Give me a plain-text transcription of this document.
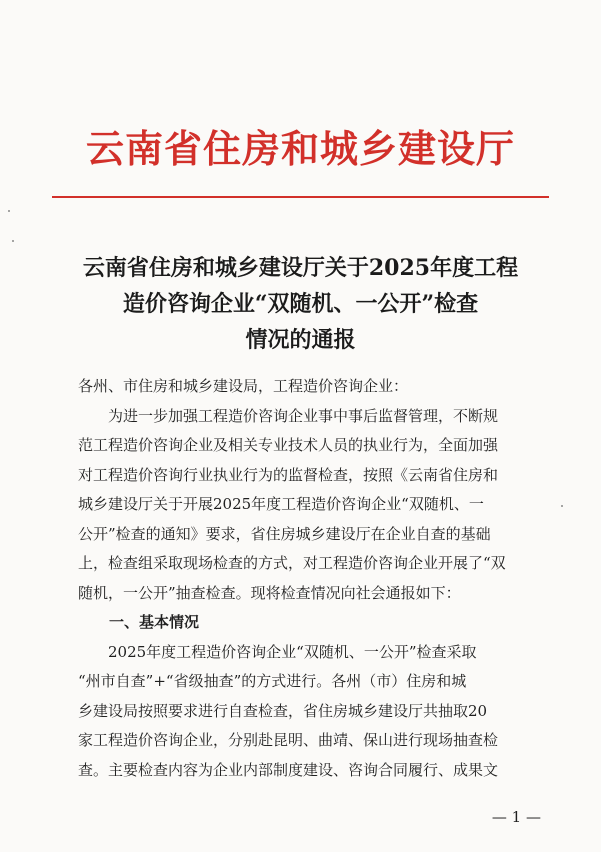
云南省住房和城乡建设厅
云南省住房和城乡建设厅关于2025年度工程
造价咨询企业“双随机、一公开”检查
情况的通报
各州、市住房和城乡建设局，工程造价咨询企业：
　　为进一步加强工程造价咨询企业事中事后监督管理，不断规
范工程造价咨询企业及相关专业技术人员的执业行为，全面加强
对工程造价咨询行业执业行为的监督检查，按照《云南省住房和
城乡建设厅关于开展2025年度工程造价咨询企业“双随机、一
公开”检查的通知》要求，省住房城乡建设厅在企业自查的基础
上，检查组采取现场检查的方式，对工程造价咨询企业开展了“双
随机，一公开”抽查检查。现将检查情况向社会通报如下：
一、基本情况
　　2025年度工程造价咨询企业“双随机、一公开”检查采取
“州市自查”+“省级抽查”的方式进行。各州（市）住房和城
乡建设局按照要求进行自查检查，省住房城乡建设厅共抽取20
家工程造价咨询企业，分别赴昆明、曲靖、保山进行现场抽查检
查。主要检查内容为企业内部制度建设、咨询合同履行、成果文
— 1 —
